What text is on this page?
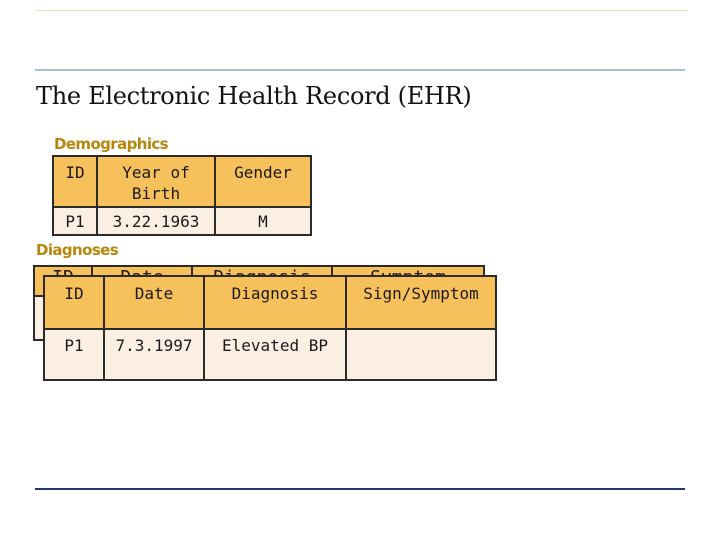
The Electronic Health Record (EHR)
Demographics
ID	Year of Birth	Gender
P1	3.22.1963	M
Diagnoses

ID	Date	Diagnosis	Sign/Symptom
P1	7.3.1997	Elevated BP	
